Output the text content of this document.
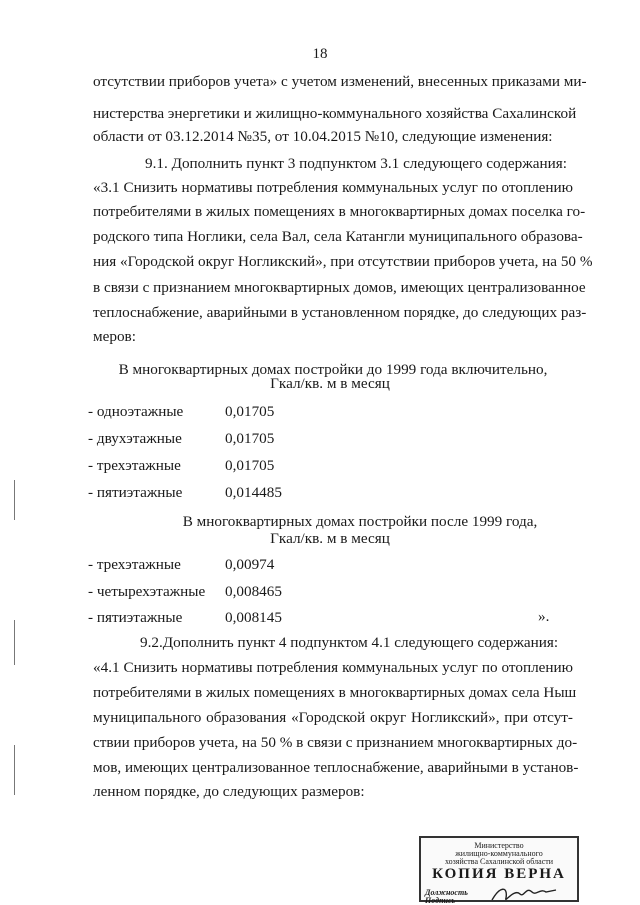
18
отсутствии приборов учета» с учетом изменений, внесенных приказами ми-
нистерства энергетики и жилищно-коммунального хозяйства Сахалинской
области от 03.12.2014 №35, от 10.04.2015 №10, следующие изменения:
9.1. Дополнить пункт 3 подпунктом 3.1 следующего содержания:
«3.1 Снизить нормативы потребления коммунальных услуг по отоплению
потребителями в жилых помещениях в многоквартирных домах поселка го-
родского типа Ноглики, села Вал, села Катангли муниципального образова-
ния «Городской округ Ногликский», при отсутствии приборов учета, на 50 %
в связи с признанием многоквартирных домов, имеющих централизованное
теплоснабжение, аварийными в установленном порядке, до следующих раз-
меров:
В многоквартирных домах постройки до 1999 года включительно,
Гкал/кв. м в месяц
- одноэтажные	0,01705
- двухэтажные	0,01705
- трехэтажные	0,01705
- пятиэтажные	0,014485
В многоквартирных домах постройки после 1999 года,
Гкал/кв. м в месяц
- трехэтажные	0,00974
- четырехэтажные 0,008465
- пятиэтажные	0,008145	».
9.2.Дополнить пункт 4 подпунктом 4.1 следующего содержания:
«4.1 Снизить нормативы потребления коммунальных услуг по отоплению
потребителями в жилых помещениях в многоквартирных домах села Ныш
муниципального образования «Городской округ Ногликский», при отсут-
ствии приборов учета, на 50 % в связи с признанием многоквартирных до-
мов, имеющих централизованное теплоснабжение, аварийными в установ-
ленном порядке, до следующих размеров:
Министерство
жилищно-коммунального
хозяйства Сахалинской области
КОПИЯ ВЕРНА
Должность
Подпись
